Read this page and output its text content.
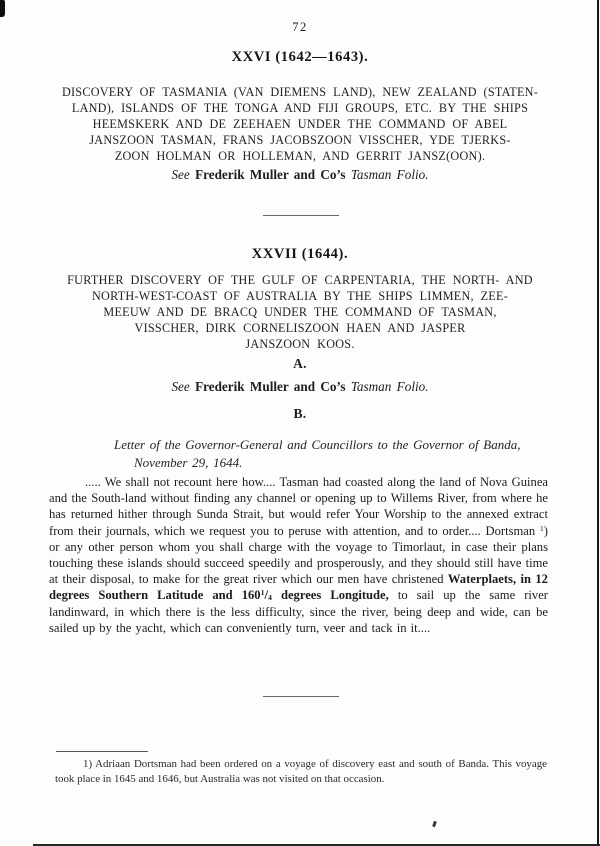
72
XXVI (1642—1643).
DISCOVERY OF TASMANIA (VAN DIEMENS LAND), NEW ZEALAND (STATEN-
LAND), ISLANDS OF THE TONGA AND FIJI GROUPS, ETC. BY THE SHIPS
HEEMSKERK AND DE ZEEHAEN UNDER THE COMMAND OF ABEL
JANSZOON TASMAN, FRANS JACOBSZOON VISSCHER, YDE TJERKS-
ZOON HOLMAN OR HOLLEMAN, AND GERRIT JANSZ(OON).
See Frederik Muller and Co’s Tasman Folio.
XXVII (1644).
FURTHER DISCOVERY OF THE GULF OF CARPENTARIA, THE NORTH- AND
NORTH-WEST-COAST OF AUSTRALIA BY THE SHIPS LIMMEN, ZEE-
MEEUW AND DE BRACQ UNDER THE COMMAND OF TASMAN,
VISSCHER, DIRK CORNELISZOON HAEN AND JASPER
JANSZOON KOOS.
A.
See Frederik Muller and Co’s Tasman Folio.
B.
Letter of the Governor-General and Councillors to the Governor of Banda,
November 29, 1644.
..... We shall not recount here how.... Tasman had coasted along the land of Nova Guinea and the South-land without finding any channel or opening up to Willems River, from where he has returned hither through Sunda Strait, but would refer Your Worship to the annexed extract from their journals, which we request you to peruse with attention, and to order.... Dortsman $^1$) or any other person whom you shall charge with the voyage to Timorlaut, in case their plans touching these islands should succeed speedily and prosperously, and they should still have time at their disposal, to make for the great river which our men have christened Waterplaets, in 12 degrees Southern Latitude and $160^1/4$ degrees Longitude, to sail up the same river landinward, in which there is the less difficulty, since the river, being deep and wide, can be sailed up by the yacht, which can conveniently turn, veer and tack in it....
1) Adriaan Dortsman had been ordered on a voyage of discovery east and south of Banda. This voyage took place in 1645 and 1646, but Australia was not visited on that occasion.
